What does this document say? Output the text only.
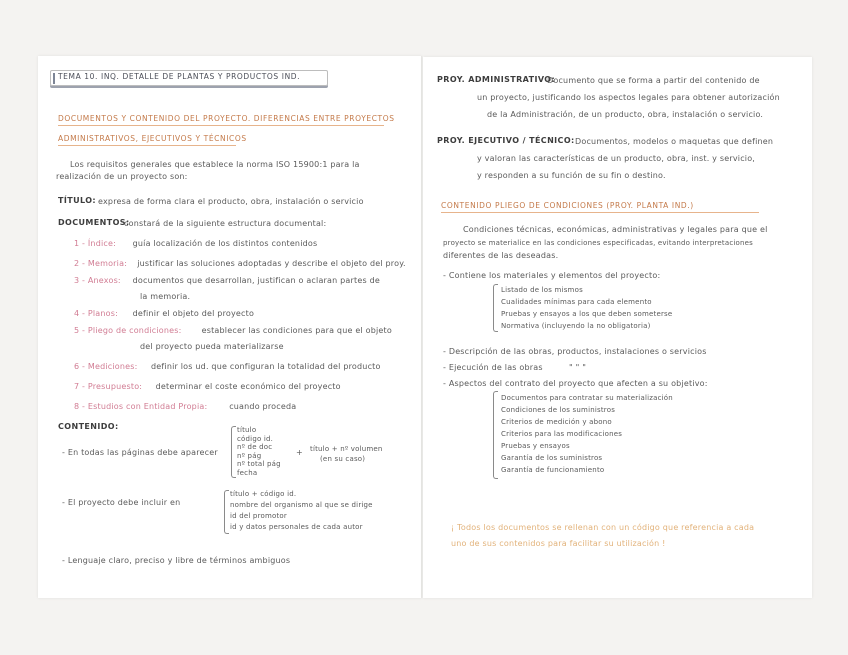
TEMA 10. INQ. DETALLE DE PLANTAS Y PRODUCTOS IND.
DOCUMENTOS Y CONTENIDO DEL PROYECTO. DIFERENCIAS ENTRE PROYECTOS
ADMINISTRATIVOS, EJECUTIVOS Y TÉCNICOS
Los requisitos generales que establece la norma ISO 15900:1 para la
realización de un proyecto son:
TÍTULO: expresa de forma clara el producto, obra, instalación o servicio
DOCUMENTOS:
constará de la siguiente estructura documental:
CONTENIDO:
- En todas las páginas debe aparecer	+ título + nº volumen
(en su caso)
- El proyecto debe incluir en
- Lenguaje claro, preciso y libre de términos ambiguos
1 - Índice: guía localización de los distintos contenidos
2 - Memoria: justificar las soluciones adoptadas y describe el objeto del proy.
3 - Anexos: documentos que desarrollan, justifican o aclaran partes de
la memoria.
4 - Planos: definir el objeto del proyecto
5 - Pliego de condiciones:	establecer las condiciones para que el objeto
del proyecto pueda materializarse
6 - Mediciones: definir los ud. que configuran la totalidad del producto
7 - Presupuesto: determinar el coste económico del proyecto
8 - Estudios con Entidad Propia:	cuando proceda
título
código id.
nº de doc
nº pág
nº total pág
fecha
título + código id.
nombre del organismo al que se dirige
id del promotor
id y datos personales de cada autor
PROY. ADMINISTRATIVO:
Documento que se forma a partir del contenido de
un proyecto, justificando los aspectos legales para obtener autorización
de la Administración, de un producto, obra, instalación o servicio.
PROY. EJECUTIVO / TÉCNICO: Documentos, modelos o maquetas que definen
y valoran las características de un producto, obra, inst. y servicio,
y responden a su función de su fin o destino.
CONTENIDO PLIEGO DE CONDICIONES (PROY. PLANTA IND.)
Condiciones técnicas, económicas, administrativas y legales para que el
proyecto se materialice en las condiciones especificadas, evitando interpretaciones
diferentes de las deseadas.
- Contiene los materiales y elementos del proyecto:
- Descripción de las obras, productos, instalaciones o servicios
- Ejecución de las obras	" " "
- Aspectos del contrato del proyecto que afecten a su objetivo:
¡ Todos los documentos se rellenan con un código que referencia a cada
uno de sus contenidos para facilitar su utilización !
Listado de los mismos
Cualidades mínimas para cada elemento
Pruebas y ensayos a los que deben someterse
Normativa (incluyendo la no obligatoria)
Documentos para contratar su materialización
Condiciones de los suministros
Criterios de medición y abono
Criterios para las modificaciones
Pruebas y ensayos
Garantía de los suministros
Garantía de funcionamiento
